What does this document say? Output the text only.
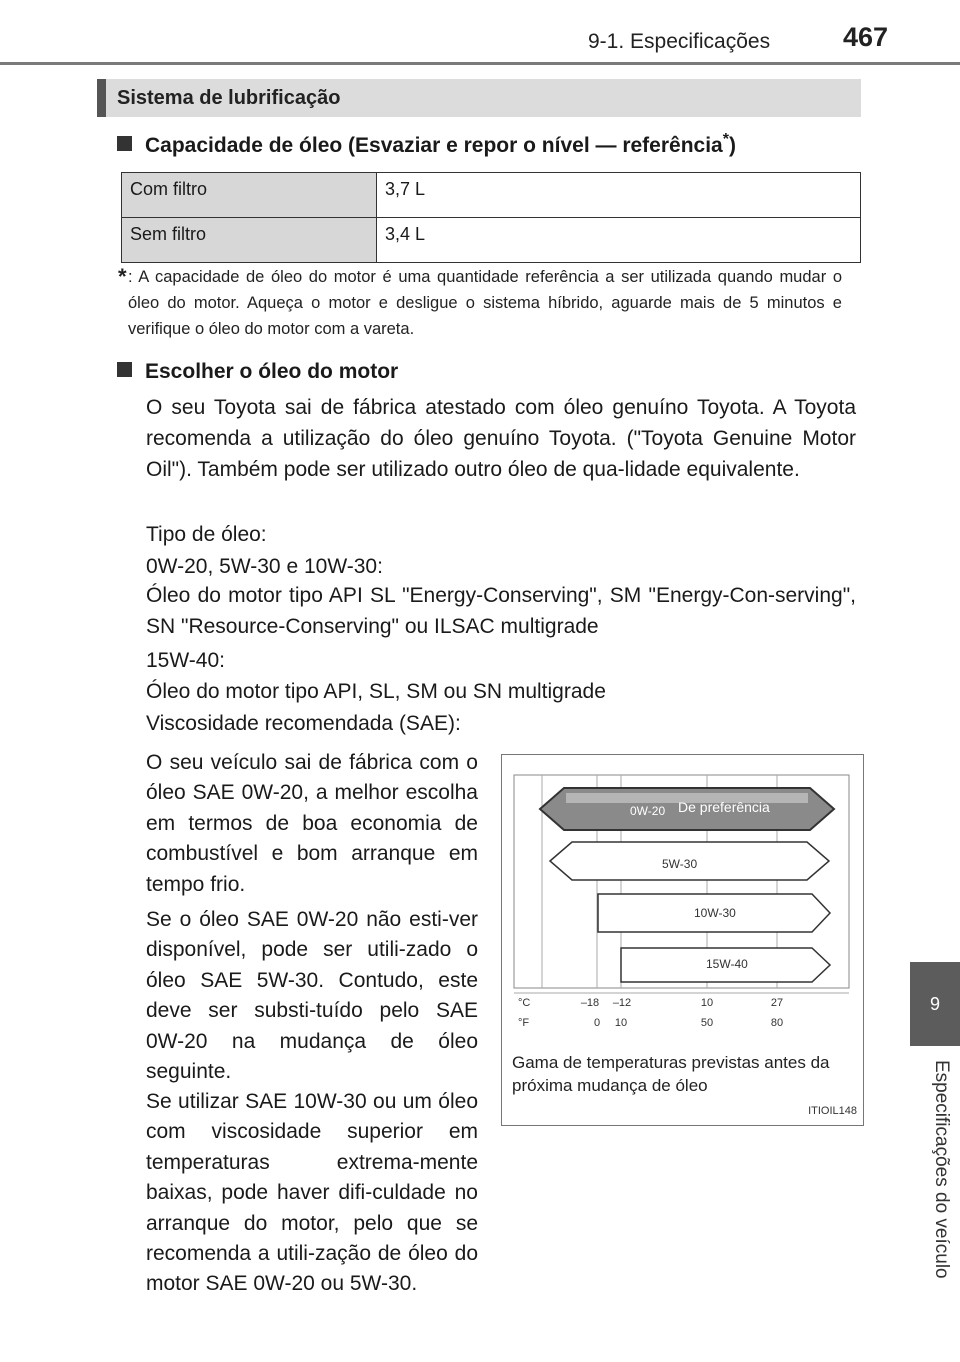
9-1. Especificações	467
9
Especificações do veículo
Sistema de lubrificação
Capacidade de óleo (Esvaziar e repor o nível — referência*)
Com filtro	3,7 L
Sem filtro	3,4 L
* : A capacidade de óleo do motor é uma quantidade referência a ser utilizada quando mudar o óleo do motor. Aqueça o motor e desligue o sistema híbrido, aguarde mais de 5 minutos e verifique o óleo do motor com a vareta.
Escolher o óleo do motor
O seu Toyota sai de fábrica atestado com óleo genuíno Toyota. A Toyota recomenda a utilização do óleo genuíno Toyota. ("Toyota Genuine Motor Oil"). Também pode ser utilizado outro óleo de qua-lidade equivalente.
Tipo de óleo:
0W-20, 5W-30 e 10W-30:
Óleo do motor tipo API SL "Energy-Conserving", SM "Energy-Con-serving", SN "Resource-Conserving" ou ILSAC multigrade
15W-40:
Óleo do motor tipo API, SL, SM ou SN multigrade
Viscosidade recomendada (SAE):
O seu veículo sai de fábrica com o óleo SAE 0W-20, a melhor escolha em termos de boa economia de combustível e bom arranque em tempo frio.
Se o óleo SAE 0W-20 não esti-ver disponível, pode ser utili-zado o óleo SAE 5W-30. Contudo, este deve ser substi-tuído pelo SAE 0W-20 na mudança de óleo seguinte.
Se utilizar SAE 10W-30 ou um óleo com viscosidade superior em temperaturas extrema-mente baixas, pode haver difi-culdade no arranque do motor, pelo que se recomenda a utili-zação de óleo do motor SAE 0W-20 ou 5W-30.
0W-20 De preferência
5W-30
10W-30
15W-40
°C
°F
–18 –12	10	27
0 10	50	80
Gama de temperaturas previstas antes da próxima mudança de óleo
ITIOIL148
